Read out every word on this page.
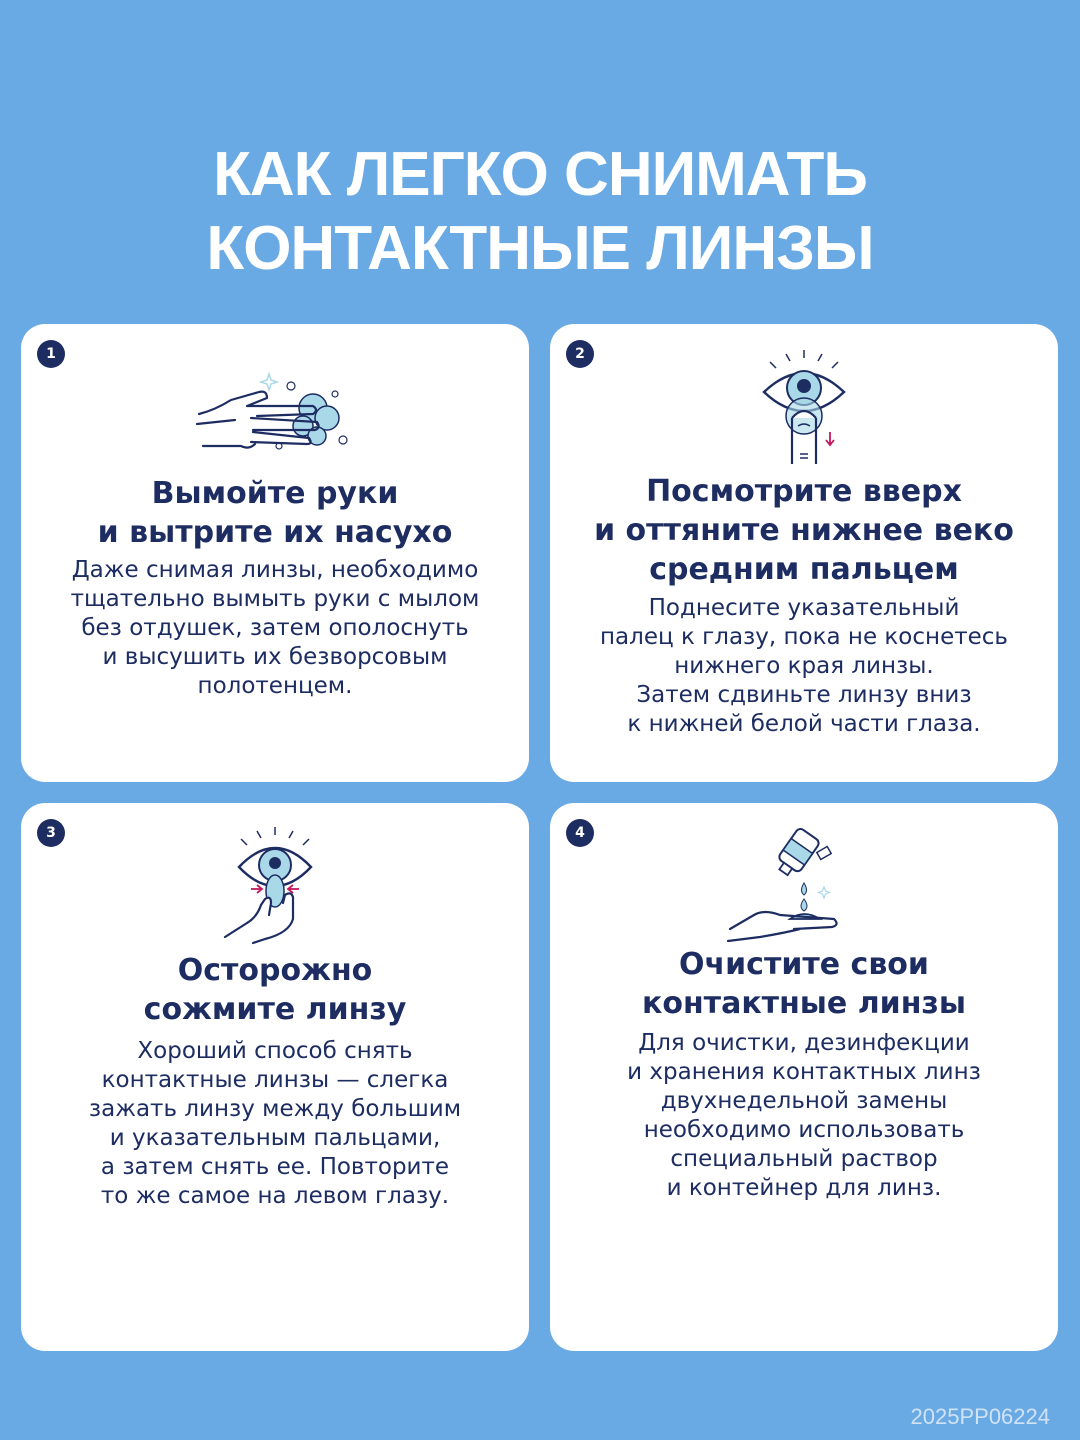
КАК ЛЕГКО СНИМАТЬ
КОНТАКТНЫЕ ЛИНЗЫ
1
Вымойте руки
и вытрите их насухо

Даже снимая линзы, необходимо
тщательно вымыть руки с мылом
без отдушек, затем ополоснуть
и высушить их безворсовым
полотенцем.

2
Посмотрите вверх
и оттяните нижнее веко
средним пальцем

Поднесите указательный
палец к глазу, пока не коснетесь
нижнего края линзы.
Затем сдвиньте линзу вниз
к нижней белой части глаза.

3
Осторожно
сожмите линзу

Хороший способ снять
контактные линзы — слегка
зажать линзу между большим
и указательным пальцами,
а затем снять ее. Повторите
то же самое на левом глазу.

4
Очистите свои
контактные линзы

Для очистки, дезинфекции
и хранения контактных линз
двухнедельной замены
необходимо использовать
специальный раствор
и контейнер для линз.

2025PP06224
